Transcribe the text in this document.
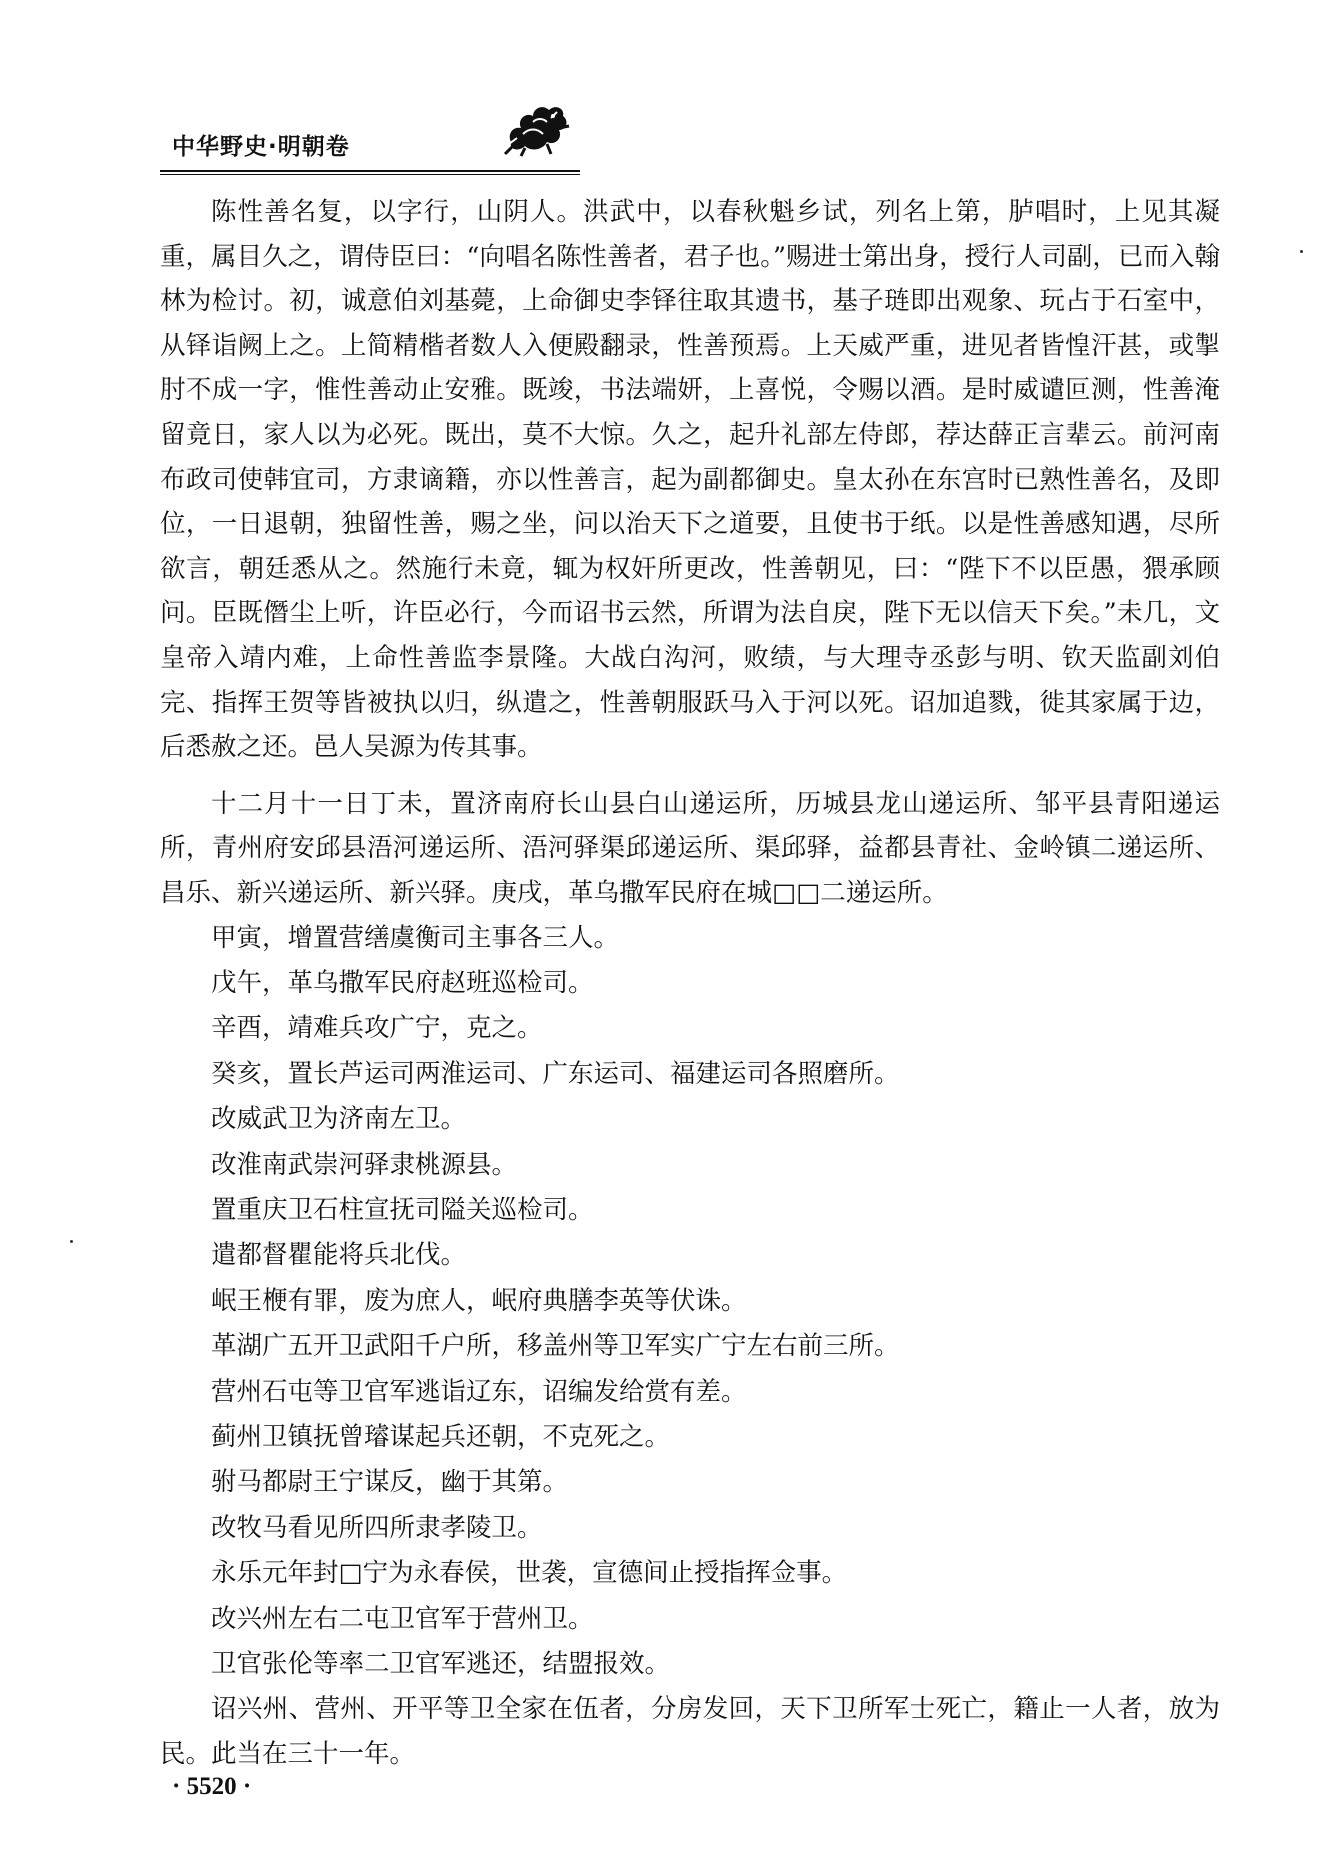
中华野史·明朝卷

陈性善名复，以字行，山阴人。洪武中，以春秋魁乡试，列名上第，胪唱时，上见其凝重，属目久之，谓侍臣曰：“向唱名陈性善者，君子也。”赐进士第出身，授行人司副，已而入翰林为检讨。初，诚意伯刘基薨，上命御史李铎往取其遗书，基子琏即出观象、玩占于石室中，从铎诣阙上之。上简精楷者数人入便殿翻录，性善预焉。上天威严重，进见者皆惶汗甚，或掣肘不成一字，惟性善动止安雅。既竣，书法端妍，上喜悦，令赐以酒。是时威谴叵测，性善淹留竟日，家人以为必死。既出，莫不大惊。久之，起升礼部左侍郎，荐达薛正言辈云。前河南布政司使韩宜司，方隶谪籍，亦以性善言，起为副都御史。皇太孙在东宫时已熟性善名，及即位，一日退朝，独留性善，赐之坐，问以治天下之道要，且使书于纸。以是性善感知遇，尽所欲言，朝廷悉从之。然施行未竟，辄为权奸所更改，性善朝见，曰：“陛下不以臣愚，猥承顾问。臣既僭尘上听，许臣必行，今而诏书云然，所谓为法自戾，陛下无以信天下矣。”未几，文皇帝入靖内难，上命性善监李景隆。大战白沟河，败绩，与大理寺丞彭与明、钦天监副刘伯完、指挥王贺等皆被执以归，纵遣之，性善朝服跃马入于河以死。诏加追戮，徙其家属于边，后悉赦之还。邑人吴源为传其事。

十二月十一日丁未，置济南府长山县白山递运所，历城县龙山递运所、邹平县青阳递运所，青州府安邱县浯河递运所、浯河驿渠邱递运所、渠邱驿，益都县青社、金岭镇二递运所、昌乐、新兴递运所、新兴驿。庚戌，革乌撒军民府在城□□二递运所。

甲寅，增置营缮虞衡司主事各三人。
戊午，革乌撒军民府赵班巡检司。
辛酉，靖难兵攻广宁，克之。
癸亥，置长芦运司两淮运司、广东运司、福建运司各照磨所。
改威武卫为济南左卫。
改淮南武崇河驿隶桃源县。
置重庆卫石柱宣抚司隘关巡检司。
遣都督瞿能将兵北伐。
岷王楩有罪，废为庶人，岷府典膳李英等伏诛。
革湖广五开卫武阳千户所，移盖州等卫军实广宁左右前三所。
营州石屯等卫官军逃诣辽东，诏编发给赏有差。
蓟州卫镇抚曾璿谋起兵还朝，不克死之。
驸马都尉王宁谋反，幽于其第。
改牧马看见所四所隶孝陵卫。
永乐元年封□宁为永春侯，世袭，宣德间止授指挥佥事。
改兴州左右二屯卫官军于营州卫。
卫官张伦等率二卫官军逃还，结盟报效。

诏兴州、营州、开平等卫全家在伍者，分房发回，天下卫所军士死亡，籍止一人者，放为民。此当在三十一年。

· 5520 ·
